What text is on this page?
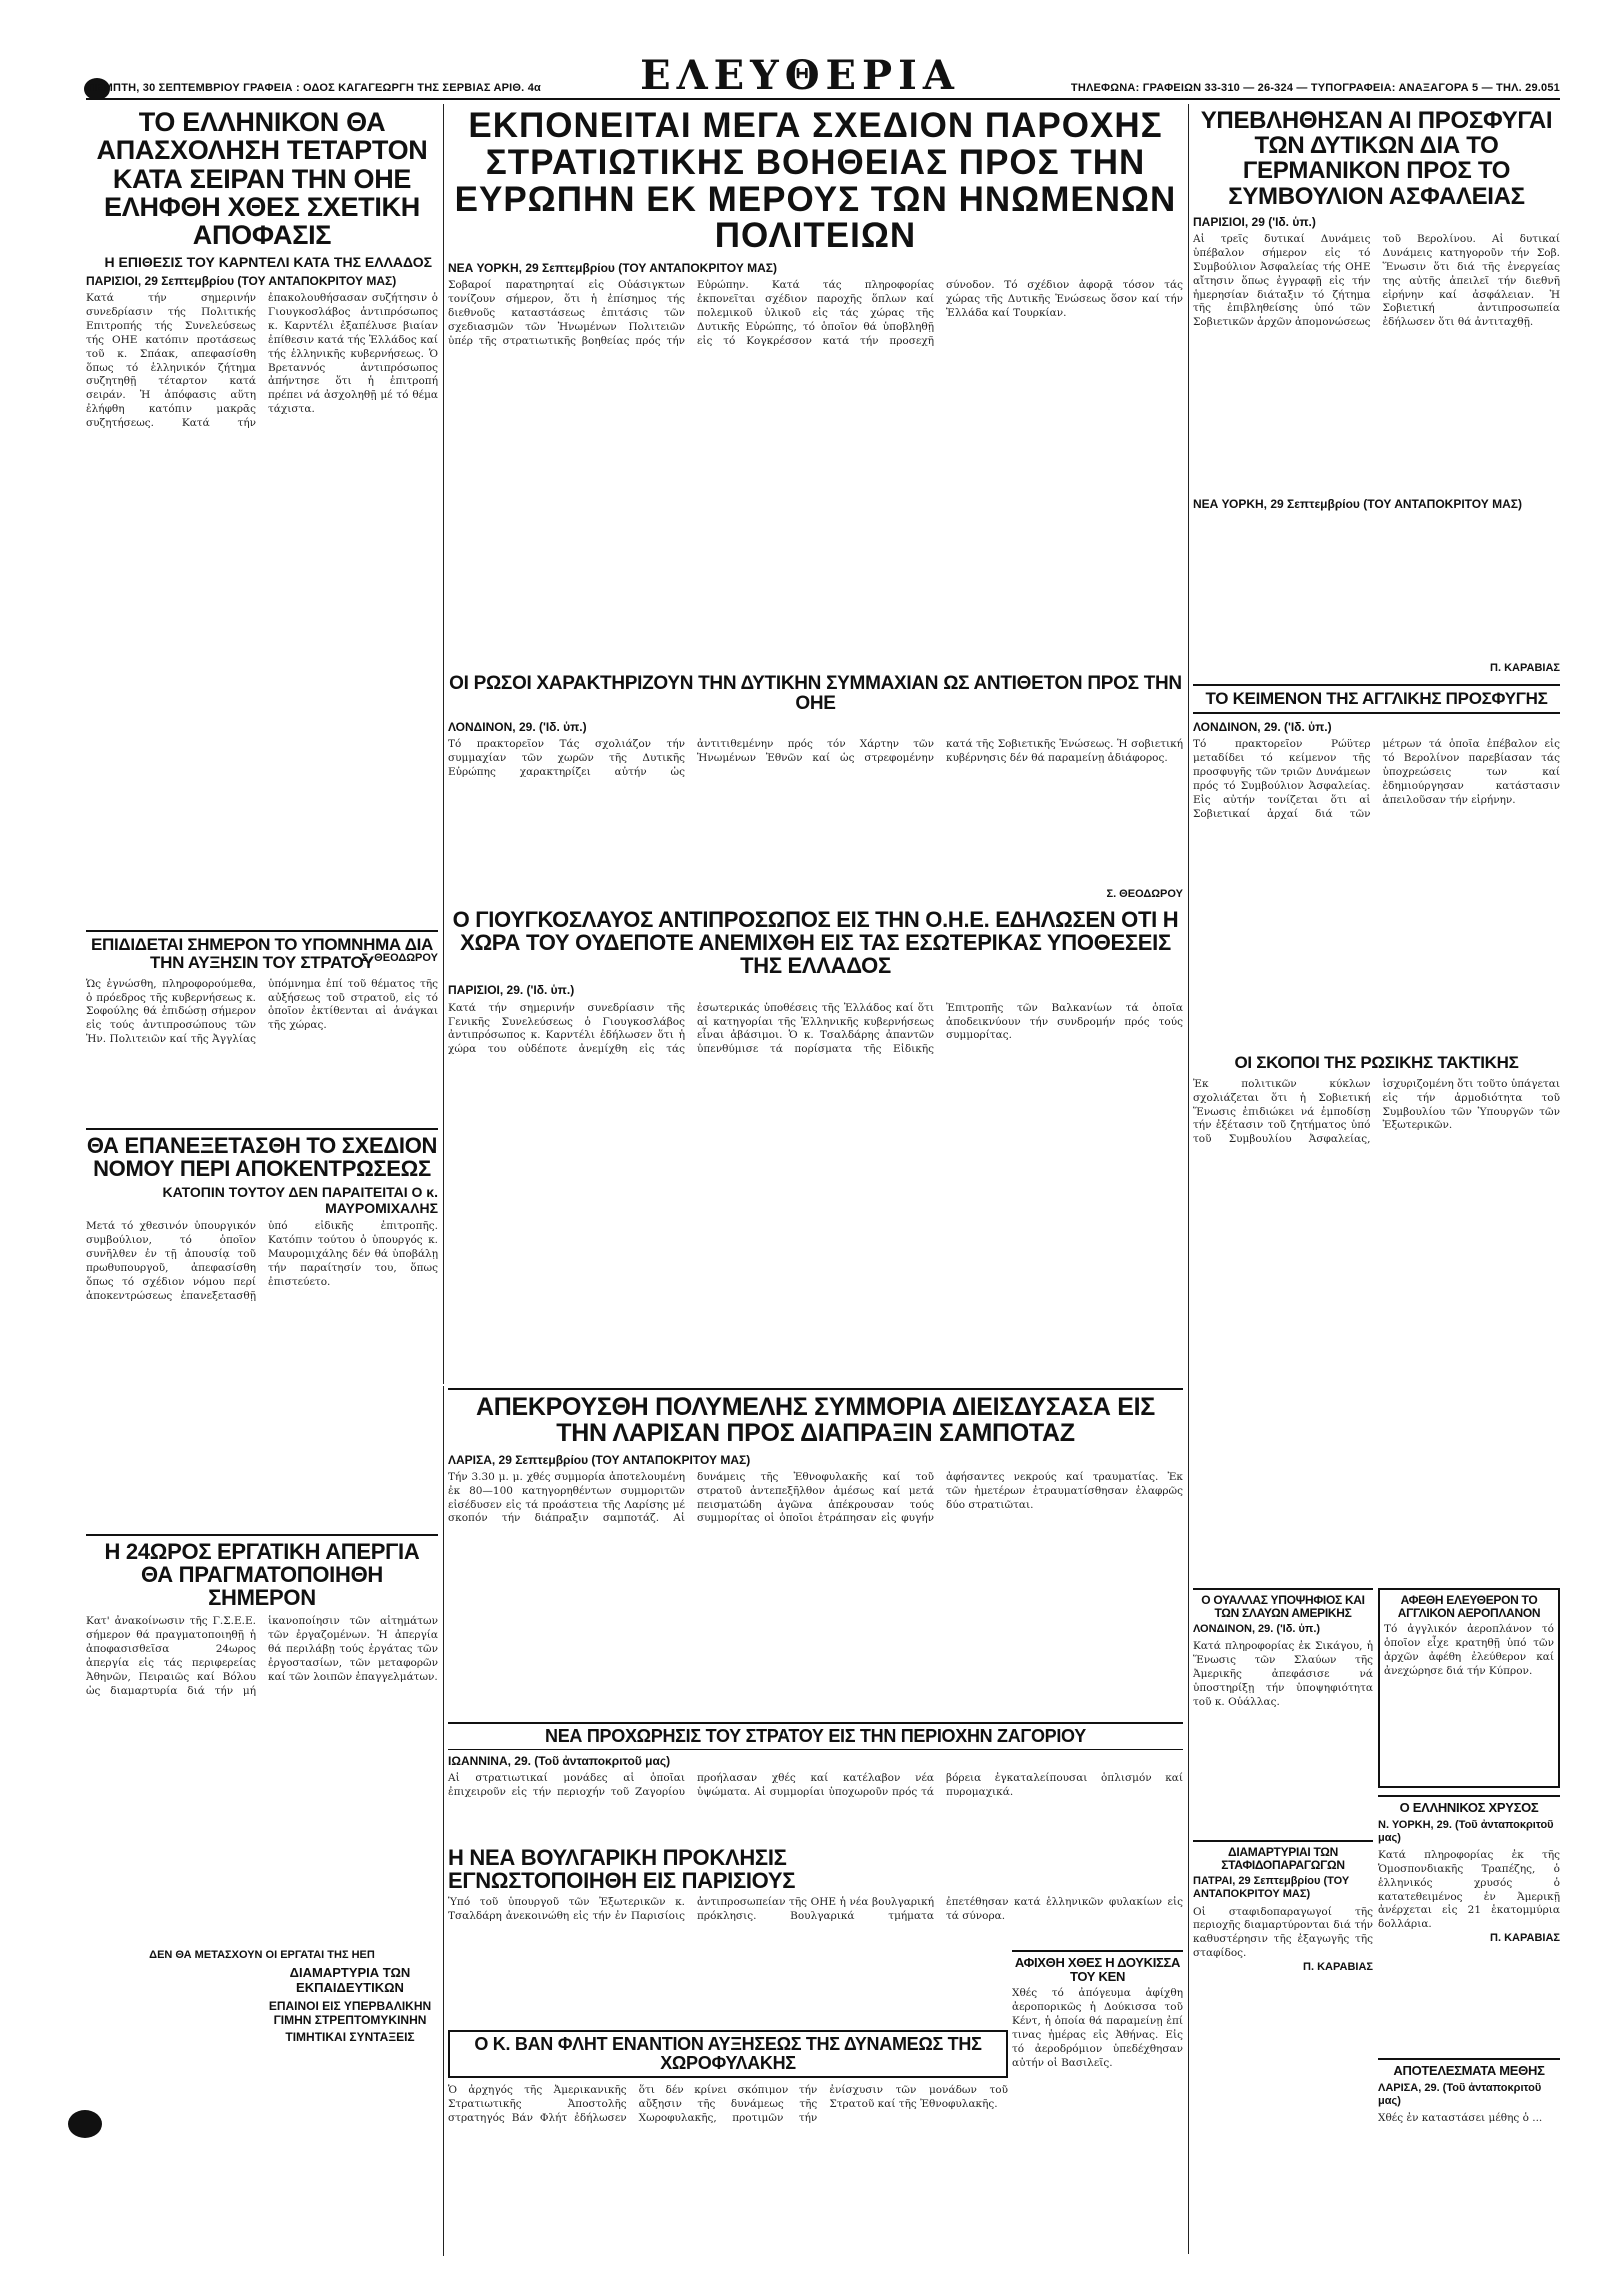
ΠΕΜΠΤΗ, 30 ΣΕΠΤΕΜΒΡΙΟΥ ΓΡΑΦΕΙΑ : ΟΔΟΣ ΚΑΓΑΓΕΩΡΓΗ ΤΗΣ ΣΕΡΒΙΑΣ ΑΡΙΘ. 4α	ΕΛΕΥΘΕΡΙΑ	ΤΗΛΕΦΩΝΑ: ΓΡΑΦΕΙΩΝ 33-310 — 26-324 — ΤΥΠΟΓΡΑΦΕΙΑ: ΑΝΑΞΑΓΟΡΑ 5 — ΤΗΛ. 29.051
ΤΟ ΕΛΛΗΝΙΚΟΝ ΘΑ ΑΠΑΣΧΟΛΗΣΗ ΤΕΤΑΡΤΟΝ ΚΑΤΑ ΣΕΙΡΑΝ ΤΗΝ ΟΗΕ ΕΛΗΦΘΗ ΧΘΕΣ ΣΧΕΤΙΚΗ ΑΠΟΦΑΣΙΣ
Η ΕΠΙΘΕΣΙΣ ΤΟΥ ΚΑΡΝΤΕΛΙ ΚΑΤΑ ΤΗΣ ΕΛΛΑΔΟΣ
ΠΑΡΙΣΙΟΙ, 29 Σεπτεμβρίου (ΤΟΥ ΑΝΤΑΠΟΚΡΙΤΟΥ ΜΑΣ)
Κατά τήν σημερινήν συνεδρίασιν τής Πολιτικής Επιτροπής τής Συνελεύσεως τής ΟΗΕ κατόπιν προτάσεως τοῦ κ. Σπάακ, απεφασίσθη ὅπως τό ἑλληνικόν ζήτημα συζητηθῇ τέταρτον κατά σειράν. Ἡ ἀπόφασις αὕτη ἐλήφθη κατόπιν μακρᾶς συζητήσεως. Κατά τήν ἐπακολουθήσασαν συζήτησιν ὁ Γιουγκοσλάβος ἀντιπρόσωπος κ. Καρντέλι ἐξαπέλυσε βιαίαν ἐπίθεσιν κατά τής Ἑλλάδος καί τής ἑλληνικῆς κυβερνήσεως. Ὁ Βρεταννός ἀντιπρόσωπος ἀπήντησε ὅτι ἡ ἐπιτροπή πρέπει νά ἀσχοληθῇ μέ τό θέμα τάχιστα.
Σ. ΘΕΟΔΩΡΟΥ
ΕΚΠΟΝΕΙΤΑΙ ΜΕΓΑ ΣΧΕΔΙΟΝ ΠΑΡΟΧΗΣ ΣΤΡΑΤΙΩΤΙΚΗΣ ΒΟΗΘΕΙΑΣ ΠΡΟΣ ΤΗΝ ΕΥΡΩΠΗΝ ΕΚ ΜΕΡΟΥΣ ΤΩΝ ΗΝΩΜΕΝΩΝ ΠΟΛΙΤΕΙΩΝ
ΝΕΑ ΥΟΡΚΗ, 29 Σεπτεμβρίου (ΤΟΥ ΑΝΤΑΠΟΚΡΙΤΟΥ ΜΑΣ)
Σοβαροί παρατηρηταί εἰς Οὐάσιγκτων τονίζουν σήμερον, ὅτι ἡ ἐπίσημος τής διεθνοῦς καταστάσεως ἐπιτάσις τῶν σχεδιασμῶν τῶν Ἡνωμένων Πολιτειῶν ὑπέρ τῆς στρατιωτικῆς βοηθείας πρός τήν Εὐρώπην. Κατά τάς πληροφορίας ἐκπονεῖται σχέδιον παροχῆς ὅπλων καί πολεμικοῦ ὑλικοῦ εἰς τάς χώρας τῆς Δυτικῆς Εὐρώπης, τό ὁποῖον θά ὑποβληθῇ εἰς τό Κογκρέσσον κατά τήν προσεχῆ σύνοδον. Τό σχέδιον ἀφορᾷ τόσον τάς χώρας τῆς Δυτικῆς Ἑνώσεως ὅσον καί τήν Ἑλλάδα καί Τουρκίαν.
ΟΙ ΡΩΣΟΙ ΧΑΡΑΚΤΗΡΙΖΟΥΝ ΤΗΝ ΔΥΤΙΚΗΝ ΣΥΜΜΑΧΙΑΝ ΩΣ ΑΝΤΙΘΕΤΟΝ ΠΡΟΣ ΤΗΝ ΟΗΕ
ΛΟΝΔΙΝΟΝ, 29. ('Ιδ. ὑπ.)
Τό πρακτορεῖον Τάς σχολιάζον τήν συμμαχίαν τῶν χωρῶν τῆς Δυτικῆς Εὐρώπης χαρακτηρίζει αὐτήν ὡς ἀντιτιθεμένην πρός τόν Χάρτην τῶν Ἡνωμένων Ἐθνῶν καί ὡς στρεφομένην κατά τῆς Σοβιετικῆς Ἑνώσεως. Ἡ σοβιετική κυβέρνησις δέν θά παραμείνῃ ἀδιάφορος.
Σ. ΘΕΟΔΩΡΟΥ
Ο ΓΙΟΥΓΚΟΣΛΑΥΟΣ ΑΝΤΙΠΡΟΣΩΠΟΣ ΕΙΣ ΤΗΝ Ο.Η.Ε. ΕΔΗΛΩΣΕΝ ΟΤΙ Η ΧΩΡΑ ΤΟΥ ΟΥΔΕΠΟΤΕ ΑΝΕΜΙΧΘΗ ΕΙΣ ΤΑΣ ΕΣΩΤΕΡΙΚΑΣ ΥΠΟΘΕΣΕΙΣ ΤΗΣ ΕΛΛΑΔΟΣ
ΠΑΡΙΣΙΟΙ, 29. ('Ιδ. ὑπ.)
Κατά τήν σημερινήν συνεδρίασιν τῆς Γενικῆς Συνελεύσεως ὁ Γιουγκοσλάβος ἀντιπρόσωπος κ. Καρντέλι ἐδήλωσεν ὅτι ἡ χώρα του οὐδέποτε ἀνεμίχθη εἰς τάς ἐσωτερικάς ὑποθέσεις τῆς Ἑλλάδος καί ὅτι αἱ κατηγορίαι τῆς Ἑλληνικῆς κυβερνήσεως εἶναι ἀβάσιμοι. Ὁ κ. Τσαλδάρης ἀπαντῶν ὑπενθύμισε τά πορίσματα τῆς Εἰδικῆς Ἐπιτροπῆς τῶν Βαλκανίων τά ὁποῖα ἀποδεικνύουν τήν συνδρομήν πρός τούς συμμορίτας.
ΥΠΕΒΛΗΘΗΣΑΝ ΑΙ ΠΡΟΣΦΥΓΑΙ ΤΩΝ ΔΥΤΙΚΩΝ ΔΙΑ ΤΟ ΓΕΡΜΑΝΙΚΟΝ ΠΡΟΣ ΤΟ ΣΥΜΒΟΥΛΙΟΝ ΑΣΦΑΛΕΙΑΣ
ΠΑΡΙΣΙΟΙ, 29 ('Ιδ. ὑπ.)
Αἱ τρεῖς δυτικαί Δυνάμεις ὑπέβαλον σήμερον εἰς τό Συμβούλιον Ἀσφαλείας τής ΟΗΕ αἴτησιν ὅπως ἐγγραφῇ εἰς τήν ἡμερησίαν διάταξιν τό ζήτημα τῆς ἐπιβληθείσης ὑπό τῶν Σοβιετικῶν ἀρχῶν ἀπομονώσεως τοῦ Βερολίνου. Αἱ δυτικαί Δυνάμεις κατηγοροῦν τήν Σοβ. Ἕνωσιν ὅτι διά τῆς ἐνεργείας της αὐτῆς ἀπειλεῖ τήν διεθνῆ εἰρήνην καί ἀσφάλειαν. Ἡ Σοβιετική ἀντιπροσωπεία ἐδήλωσεν ὅτι θά ἀντιταχθῇ.
ΝΕΑ ΥΟΡΚΗ, 29 Σεπτεμβρίου (ΤΟΥ ΑΝΤΑΠΟΚΡΙΤΟΥ ΜΑΣ)
Π. ΚΑΡΑΒΙΑΣ
ΤΟ ΚΕΙΜΕΝΟΝ ΤΗΣ ΑΓΓΛΙΚΗΣ ΠΡΟΣΦΥΓΗΣ
ΛΟΝΔΙΝΟΝ, 29. ('Ιδ. ὑπ.)
Τό πρακτορεῖον Ρώϋτερ μεταδίδει τό κείμενον τῆς προσφυγῆς τῶν τριῶν Δυνάμεων πρός τό Συμβούλιον Ἀσφαλείας. Εἰς αὐτήν τονίζεται ὅτι αἱ Σοβιετικαί ἀρχαί διά τῶν μέτρων τά ὁποῖα ἐπέβαλον εἰς τό Βερολίνον παρεβίασαν τάς ὑποχρεώσεις των καί ἐδημιούργησαν κατάστασιν ἀπειλοῦσαν τήν εἰρήνην.
ΟΙ ΣΚΟΠΟΙ ΤΗΣ ΡΩΣΙΚΗΣ ΤΑΚΤΙΚΗΣ
Ἐκ πολιτικῶν κύκλων σχολιάζεται ὅτι ἡ Σοβιετική Ἕνωσις ἐπιδιώκει νά ἐμποδίσῃ τήν ἐξέτασιν τοῦ ζητήματος ὑπό τοῦ Συμβουλίου Ἀσφαλείας, ἰσχυριζομένη ὅτι τοῦτο ὑπάγεται εἰς τήν ἁρμοδιότητα τοῦ Συμβουλίου τῶν Ὑπουργῶν τῶν Ἐξωτερικῶν.
Ο ΟΥΑΛΛΑΣ ΥΠΟΨΗΦΙΟΣ ΚΑΙ ΤΩΝ ΣΛΑΥΩΝ ΑΜΕΡΙΚΗΣ
ΛΟΝΔΙΝΟΝ, 29. ('Ιδ. ὑπ.)
Κατά πληροφορίας ἐκ Σικάγου, ἡ Ἕνωσις τῶν Σλαύων τῆς Ἀμερικῆς ἀπεφάσισε νά ὑποστηρίξῃ τήν ὑποψηφιότητα τοῦ κ. Οὐάλλας.
ΑΦΕΘΗ ΕΛΕΥΘΕΡΟΝ ΤΟ ΑΓΓΛΙΚΟΝ ΑΕΡΟΠΛΑΝΟΝ
Τό ἀγγλικόν ἀεροπλάνον τό ὁποῖον εἶχε κρατηθῇ ὑπό τῶν ἀρχῶν ἀφέθη ἐλεύθερον καί ἀνεχώρησε διά τήν Κύπρον.
ΔΙΑΜΑΡΤΥΡΙΑΙ ΤΩΝ ΣΤΑΦΙΔΟΠΑΡΑΓΩΓΩΝ
ΠΑΤΡΑΙ, 29 Σεπτεμβρίου (ΤΟΥ ΑΝΤΑΠΟΚΡΙΤΟΥ ΜΑΣ)
Οἱ σταφιδοπαραγωγοί τῆς περιοχῆς διαμαρτύρονται διά τήν καθυστέρησιν τῆς ἐξαγωγῆς τῆς σταφίδος.
Π. ΚΑΡΑΒΙΑΣ
Ο ΕΛΛΗΝΙΚΟΣ ΧΡΥΣΟΣ
Ν. ΥΟΡΚΗ, 29. (Τοῦ ἀνταποκριτοῦ μας)
Κατά πληροφορίας ἐκ τῆς Ὁμοσπονδιακῆς Τραπέζης, ὁ ἑλληνικός χρυσός ὁ κατατεθειμένος ἐν Ἀμερικῇ ἀνέρχεται εἰς 21 ἑκατομμύρια δολλάρια.
Π. ΚΑΡΑΒΙΑΣ
ΑΠΟΤΕΛΕΣΜΑΤΑ ΜΕΘΗΣ
ΛΑΡΙΣΑ, 29. (Τοῦ ἀνταποκριτοῦ μας)
Χθές ἐν καταστάσει μέθης ὁ ...
ΕΠΙΔΙΔΕΤΑΙ ΣΗΜΕΡΟΝ ΤΟ ΥΠΟΜΝΗΜΑ ΔΙΑ ΤΗΝ ΑΥΞΗΣΙΝ ΤΟΥ ΣΤΡΑΤΟΥ
Ὡς ἐγνώσθη, πληροφορούμεθα, ὁ πρόεδρος τῆς κυβερνήσεως κ. Σοφούλης θά ἐπιδώσῃ σήμερον εἰς τούς ἀντιπροσώπους τῶν Ἡν. Πολιτειῶν καί τῆς Ἀγγλίας ὑπόμνημα ἐπί τοῦ θέματος τῆς αὐξήσεως τοῦ στρατοῦ, εἰς τό ὁποῖον ἐκτίθενται αἱ ἀνάγκαι τῆς χώρας.
ΘΑ ΕΠΑΝΕΞΕΤΑΣΘΗ ΤΟ ΣΧΕΔΙΟΝ ΝΟΜΟΥ ΠΕΡΙ ΑΠΟΚΕΝΤΡΩΣΕΩΣ
ΚΑΤΟΠΙΝ ΤΟΥΤΟΥ ΔΕΝ ΠΑΡΑΙΤΕΙΤΑΙ Ο κ. ΜΑΥΡΟΜΙΧΑΛΗΣ
Μετά τό χθεσινόν ὑπουργικόν συμβούλιον, τό ὁποῖον συνῆλθεν ἐν τῇ ἀπουσίᾳ τοῦ πρωθυπουργοῦ, ἀπεφασίσθη ὅπως τό σχέδιον νόμου περί ἀποκεντρώσεως ἐπανεξετασθῇ ὑπό εἰδικῆς ἐπιτροπῆς. Κατόπιν τούτου ὁ ὑπουργός κ. Μαυρομιχάλης δέν θά ὑποβάλῃ τήν παραίτησίν του, ὅπως ἐπιστεύετο.
Η 24ΩΡΟΣ ΕΡΓΑΤΙΚΗ ΑΠΕΡΓΙΑ ΘΑ ΠΡΑΓΜΑΤΟΠΟΙΗΘΗ ΣΗΜΕΡΟΝ
Κατ' ἀνακοίνωσιν τῆς Γ.Σ.Ε.Ε. σήμερον θά πραγματοποιηθῇ ἡ ἀποφασισθεῖσα 24ωρος ἀπεργία εἰς τάς περιφερείας Ἀθηνῶν, Πειραιῶς καί Βόλου ὡς διαμαρτυρία διά τήν μή ἱκανοποίησιν τῶν αἰτημάτων τῶν ἐργαζομένων. Ἡ ἀπεργία θά περιλάβῃ τούς ἐργάτας τῶν ἐργοστασίων, τῶν μεταφορῶν καί τῶν λοιπῶν ἐπαγγελμάτων.
ΔΕΝ ΘΑ ΜΕΤΑΣΧΟΥΝ ΟΙ ΕΡΓΑΤΑΙ ΤΗΣ ΗΕΠ
ΔΙΑΜΑΡΤΥΡΙΑ ΤΩΝ ΕΚΠΑΙΔΕΥΤΙΚΩΝ
ΕΠΑΙΝΟΙ ΕΙΣ ΥΠΕΡΒΑΛΙΚΗΝ ΓΙΜΗΝ ΣΤΡΕΠΤΟΜΥΚΙΝΗΝ
ΤΙΜΗΤΙΚΑΙ ΣΥΝΤΑΞΕΙΣ
ΑΠΕΚΡΟΥΣΘΗ ΠΟΛΥΜΕΛΗΣ ΣΥΜΜΟΡΙΑ ΔΙΕΙΣΔΥΣΑΣΑ ΕΙΣ ΤΗΝ ΛΑΡΙΣΑΝ ΠΡΟΣ ΔΙΑΠΡΑΞΙΝ ΣΑΜΠΟΤΑΖ
ΛΑΡΙΣΑ, 29 Σεπτεμβρίου (ΤΟΥ ΑΝΤΑΠΟΚΡΙΤΟΥ ΜΑΣ)
Τήν 3.30 μ. μ. χθές συμμορία ἀποτελουμένη ἐκ 80—100 κατηγορηθέντων συμμοριτῶν εἰσέδυσεν εἰς τά προάστεια τῆς Λαρίσης μέ σκοπόν τήν διάπραξιν σαμποτάζ. Αἱ δυνάμεις τῆς Ἐθνοφυλακῆς καί τοῦ στρατοῦ ἀντεπεξῆλθον ἀμέσως καί μετά πεισματώδη ἀγῶνα ἀπέκρουσαν τούς συμμορίτας οἱ ὁποῖοι ἐτράπησαν εἰς φυγήν ἀφήσαντες νεκρούς καί τραυματίας. Ἐκ τῶν ἡμετέρων ἐτραυματίσθησαν ἐλαφρῶς δύο στρατιῶται.
ΝΕΑ ΠΡΟΧΩΡΗΣΙΣ ΤΟΥ ΣΤΡΑΤΟΥ ΕΙΣ ΤΗΝ ΠΕΡΙΟΧΗΝ ΖΑΓΟΡΙΟΥ
ΙΩΑΝΝΙΝΑ, 29. (Τοῦ ἀνταποκριτοῦ μας)
Αἱ στρατιωτικαί μονάδες αἱ ὁποῖαι ἐπιχειροῦν εἰς τήν περιοχήν τοῦ Ζαγορίου προήλασαν χθές καί κατέλαβον νέα ὑψώματα. Αἱ συμμορίαι ὑποχωροῦν πρός τά βόρεια ἐγκαταλείπουσαι ὁπλισμόν καί πυρομαχικά.
Η ΝΕΑ ΒΟΥΛΓΑΡΙΚΗ ΠΡΟΚΛΗΣΙΣ ΕΓΝΩΣΤΟΠΟΙΗΘΗ ΕΙΣ ΠΑΡΙΣΙΟΥΣ
Ὑπό τοῦ ὑπουργοῦ τῶν Ἐξωτερικῶν κ. Τσαλδάρη ἀνεκοινώθη εἰς τήν ἐν Παρισίοις ἀντιπροσωπείαν τῆς ΟΗΕ ἡ νέα βουλγαρική πρόκλησις. Βουλγαρικά τμήματα ἐπετέθησαν κατά ἑλληνικῶν φυλακίων εἰς τά σύνορα.
Ο Κ. ΒΑΝ ΦΛΗΤ ΕΝΑΝΤΙΟΝ ΑΥΞΗΣΕΩΣ ΤΗΣ ΔΥΝΑΜΕΩΣ ΤΗΣ ΧΩΡΟΦΥΛΑΚΗΣ
Ὁ ἀρχηγός τῆς Ἀμερικανικῆς Στρατιωτικῆς Ἀποστολῆς στρατηγός Βάν Φλήτ ἐδήλωσεν ὅτι δέν κρίνει σκόπιμον τήν αὔξησιν τῆς δυνάμεως τῆς Χωροφυλακῆς, προτιμῶν τήν ἐνίσχυσιν τῶν μονάδων τοῦ Στρατοῦ καί τῆς Ἐθνοφυλακῆς.
ΑΦΙΧΘΗ ΧΘΕΣ Η ΔΟΥΚΙΣΣΑ ΤΟΥ ΚΕΝ
Χθές τό ἀπόγευμα ἀφίχθη ἀεροπορικῶς ἡ Δούκισσα τοῦ Κέντ, ἡ ὁποία θά παραμείνῃ ἐπί τινας ἡμέρας εἰς Ἀθήνας. Εἰς τό ἀεροδρόμιον ὑπεδέχθησαν αὐτήν οἱ Βασιλεῖς.
